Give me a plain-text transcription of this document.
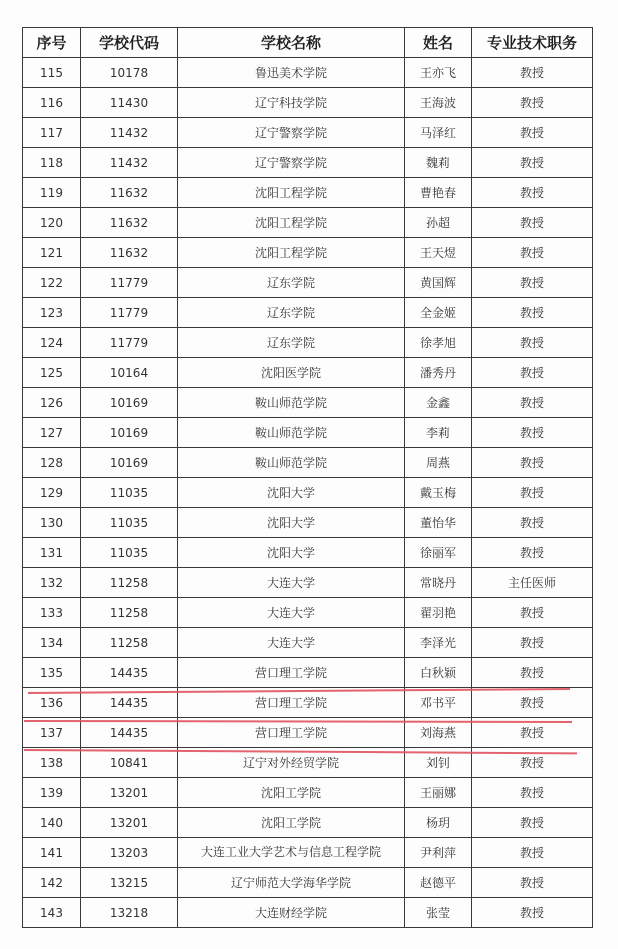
序号	学校代码	学校名称	姓名	专业技术职务
115	10178	鲁迅美术学院	王亦飞	教授
116	11430	辽宁科技学院	王海波	教授
117	11432	辽宁警察学院	马泽红	教授
118	11432	辽宁警察学院	魏莉	教授
119	11632	沈阳工程学院	曹艳春	教授
120	11632	沈阳工程学院	孙超	教授
121	11632	沈阳工程学院	王天煜	教授
122	11779	辽东学院	黄国辉	教授
123	11779	辽东学院	全金姬	教授
124	11779	辽东学院	徐孝旭	教授
125	10164	沈阳医学院	潘秀丹	教授
126	10169	鞍山师范学院	金鑫	教授
127	10169	鞍山师范学院	李莉	教授
128	10169	鞍山师范学院	周燕	教授
129	11035	沈阳大学	戴玉梅	教授
130	11035	沈阳大学	董怡华	教授
131	11035	沈阳大学	徐丽军	教授
132	11258	大连大学	常晓丹	主任医师
133	11258	大连大学	翟羽艳	教授
134	11258	大连大学	李泽光	教授
135	14435	营口理工学院	白秋颖	教授
136	14435	营口理工学院	邓书平	教授
137	14435	营口理工学院	刘海燕	教授
138	10841	辽宁对外经贸学院	刘钊	教授
139	13201	沈阳工学院	王丽娜	教授
140	13201	沈阳工学院	杨玥	教授
141	13203	大连工业大学艺术与信息工程学院	尹利萍	教授
142	13215	辽宁师范大学海华学院	赵德平	教授
143	13218	大连财经学院	张莹	教授
